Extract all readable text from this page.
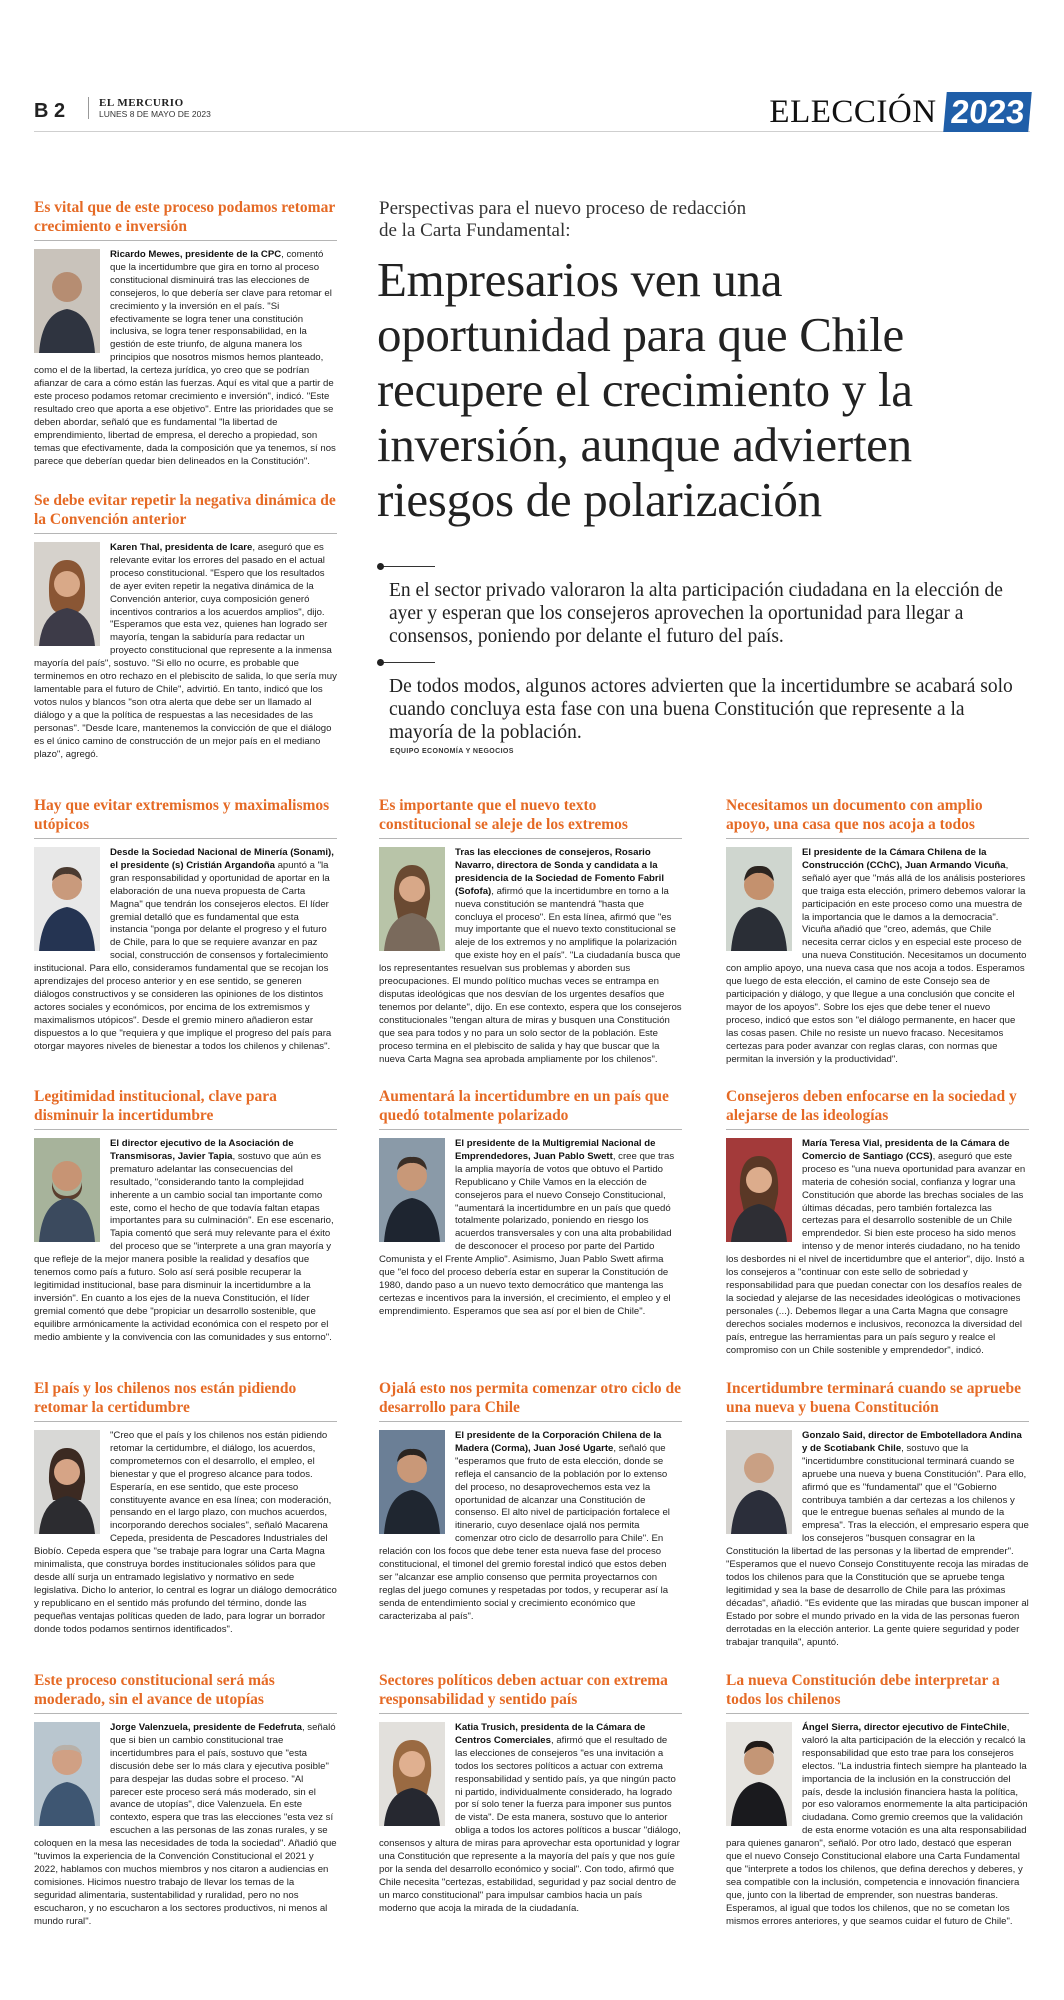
B 2	EL MERCURIO
LUNES 8 DE MAYO DE 2023	ELECCIÓN 2023
Perspectivas para el nuevo proceso de redacción de la Carta Fundamental:
Empresarios ven una oportunidad para que Chile recupere el crecimiento y la inversión, aunque advierten riesgos de polarización

En el sector privado valoraron la alta participación ciudadana en la elección de ayer y esperan que los consejeros aprovechen la oportunidad para llegar a consensos, poniendo por delante el futuro del país.

De todos modos, algunos actores advierten que la incertidumbre se acabará solo cuando concluya esta fase con una buena Constitución que represente a la mayoría de la población.

EQUIPO ECONOMÍA Y NEGOCIOS
Es vital que de este proceso podamos retomar crecimiento e inversión
Ricardo Mewes, presidente de la CPC, comentó que la incertidumbre que gira en torno al proceso constitucional disminuirá tras las elecciones de consejeros, lo que debería ser clave para retomar el crecimiento y la inversión en el país. "Si efectivamente se logra tener una constitución inclusiva, se logra tener responsabilidad, en la gestión de este triunfo, de alguna manera los principios que nosotros mismos hemos planteado, como el de la libertad, la certeza jurídica, yo creo que se podrían afianzar de cara a cómo están las fuerzas. Aquí es vital que a partir de este proceso podamos retomar crecimiento e inversión", indicó. "Este resultado creo que aporta a ese objetivo". Entre las prioridades que se deben abordar, señaló que es fundamental "la libertad de emprendimiento, libertad de empresa, el derecho a propiedad, son temas que efectivamente, dada la composición que ya tenemos, sí nos parece que deberían quedar bien delineados en la Constitución".
Se debe evitar repetir la negativa dinámica de la Convención anterior
Karen Thal, presidenta de Icare, aseguró que es relevante evitar los errores del pasado en el actual proceso constitucional. "Espero que los resultados de ayer eviten repetir la negativa dinámica de la Convención anterior, cuya composición generó incentivos contrarios a los acuerdos amplios", dijo. "Esperamos que esta vez, quienes han logrado ser mayoría, tengan la sabiduría para redactar un proyecto constitucional que represente a la inmensa mayoría del país", sostuvo. "Si ello no ocurre, es probable que terminemos en otro rechazo en el plebiscito de salida, lo que sería muy lamentable para el futuro de Chile", advirtió. En tanto, indicó que los votos nulos y blancos "son otra alerta que debe ser un llamado al diálogo y a que la política de respuestas a las necesidades de las personas". "Desde Icare, mantenemos la convicción de que el diálogo es el único camino de construcción de un mejor país en el mediano plazo", agregó.
Hay que evitar extremismos y maximalismos utópicos
Desde la Sociedad Nacional de Minería (Sonami), el presidente (s) Cristián Argandoña apuntó a "la gran responsabilidad y oportunidad de aportar en la elaboración de una nueva propuesta de Carta Magna" que tendrán los consejeros electos. El líder gremial detalló que es fundamental que esta instancia "ponga por delante el progreso y el futuro de Chile, para lo que se requiere avanzar en paz social, construcción de consensos y fortalecimiento institucional. Para ello, consideramos fundamental que se recojan los aprendizajes del proceso anterior y en ese sentido, se generen diálogos constructivos y se consideren las opiniones de los distintos actores sociales y económicos, por encima de los extremismos y maximalismos utópicos". Desde el gremio minero añadieron estar dispuestos a lo que "requiera y que implique el progreso del país para otorgar mayores niveles de bienestar a todos los chilenos y chilenas".
Es importante que el nuevo texto constitucional se aleje de los extremos
Tras las elecciones de consejeros, Rosario Navarro, directora de Sonda y candidata a la presidencia de la Sociedad de Fomento Fabril (Sofofa), afirmó que la incertidumbre en torno a la nueva constitución se mantendrá "hasta que concluya el proceso". En esta línea, afirmó que "es muy importante que el nuevo texto constitucional se aleje de los extremos y no amplifique la polarización que existe hoy en el país". "La ciudadanía busca que los representantes resuelvan sus problemas y aborden sus preocupaciones. El mundo político muchas veces se entrampa en disputas ideológicas que nos desvían de los urgentes desafíos que tenemos por delante", dijo. En ese contexto, espera que los consejeros constitucionales "tengan altura de miras y busquen una Constitución que sea para todos y no para un solo sector de la población. Este proceso termina en el plebiscito de salida y hay que buscar que la nueva Carta Magna sea aprobada ampliamente por los chilenos".
Necesitamos un documento con amplio apoyo, una casa que nos acoja a todos
El presidente de la Cámara Chilena de la Construcción (CChC), Juan Armando Vicuña, señaló ayer que "más allá de los análisis posteriores que traiga esta elección, primero debemos valorar la participación en este proceso como una muestra de la importancia que le damos a la democracia". Vicuña añadió que "creo, además, que Chile necesita cerrar ciclos y en especial este proceso de una nueva Constitución. Necesitamos un documento con amplio apoyo, una nueva casa que nos acoja a todos. Esperamos que luego de esta elección, el camino de este Consejo sea de participación y diálogo, y que llegue a una conclusión que concite el mayor de los apoyos". Sobre los ejes que debe tener el nuevo proceso, indicó que estos son "el diálogo permanente, en hacer que las cosas pasen. Chile no resiste un nuevo fracaso. Necesitamos certezas para poder avanzar con reglas claras, con normas que permitan la inversión y la productividad".
Legitimidad institucional, clave para disminuir la incertidumbre
El director ejecutivo de la Asociación de Transmisoras, Javier Tapia, sostuvo que aún es prematuro adelantar las consecuencias del resultado, "considerando tanto la complejidad inherente a un cambio social tan importante como este, como el hecho de que todavía faltan etapas importantes para su culminación". En ese escenario, Tapia comentó que será muy relevante para el éxito del proceso que se "interprete a una gran mayoría y que refleje de la mejor manera posible la realidad y desafíos que tenemos como país a futuro. Solo así será posible recuperar la legitimidad institucional, base para disminuir la incertidumbre a la inversión". En cuanto a los ejes de la nueva Constitución, el líder gremial comentó que debe "propiciar un desarrollo sostenible, que equilibre armónicamente la actividad económica con el respeto por el medio ambiente y la convivencia con las comunidades y sus entorno".
Aumentará la incertidumbre en un país que quedó totalmente polarizado
El presidente de la Multigremial Nacional de Emprendedores, Juan Pablo Swett, cree que tras la amplia mayoría de votos que obtuvo el Partido Republicano y Chile Vamos en la elección de consejeros para el nuevo Consejo Constitucional, "aumentará la incertidumbre en un país que quedó totalmente polarizado, poniendo en riesgo los acuerdos transversales y con una alta probabilidad de desconocer el proceso por parte del Partido Comunista y el Frente Amplio". Asimismo, Juan Pablo Swett afirma que "el foco del proceso debería estar en superar la Constitución de 1980, dando paso a un nuevo texto democrático que mantenga las certezas e incentivos para la inversión, el crecimiento, el empleo y el emprendimiento. Esperamos que sea así por el bien de Chile".
Consejeros deben enfocarse en la sociedad y alejarse de las ideologías
María Teresa Vial, presidenta de la Cámara de Comercio de Santiago (CCS), aseguró que este proceso es "una nueva oportunidad para avanzar en materia de cohesión social, confianza y lograr una Constitución que aborde las brechas sociales de las últimas décadas, pero también fortalezca las certezas para el desarrollo sostenible de un Chile emprendedor. Si bien este proceso ha sido menos intenso y de menor interés ciudadano, no ha tenido los desbordes ni el nivel de incertidumbre que el anterior", dijo. Instó a los consejeros a "continuar con este sello de sobriedad y responsabilidad para que puedan conectar con los desafíos reales de la sociedad y alejarse de las necesidades ideológicas o motivaciones personales (...). Debemos llegar a una Carta Magna que consagre derechos sociales modernos e inclusivos, reconozca la diversidad del país, entregue las herramientas para un país seguro y realce el compromiso con un Chile sostenible y emprendedor", indicó.
El país y los chilenos nos están pidiendo retomar la certidumbre
"Creo que el país y los chilenos nos están pidiendo retomar la certidumbre, el diálogo, los acuerdos, comprometernos con el desarrollo, el empleo, el bienestar y que el progreso alcance para todos. Esperaría, en ese sentido, que este proceso constituyente avance en esa línea; con moderación, pensando en el largo plazo, con muchos acuerdos, incorporando derechos sociales", señaló Macarena Cepeda, presidenta de Pescadores Industriales del Biobío. Cepeda espera que "se trabaje para lograr una Carta Magna minimalista, que construya bordes institucionales sólidos para que desde allí surja un entramado legislativo y normativo en sede legislativa. Dicho lo anterior, lo central es lograr un diálogo democrático y republicano en el sentido más profundo del término, donde las pequeñas ventajas políticas queden de lado, para lograr un borrador donde todos podamos sentirnos identificados".
Ojalá esto nos permita comenzar otro ciclo de desarrollo para Chile
El presidente de la Corporación Chilena de la Madera (Corma), Juan José Ugarte, señaló que "esperamos que fruto de esta elección, donde se refleja el cansancio de la población por lo extenso del proceso, no desaprovechemos esta vez la oportunidad de alcanzar una Constitución de consenso. El alto nivel de participación fortalece el itinerario, cuyo desenlace ojalá nos permita comenzar otro ciclo de desarrollo para Chile". En relación con los focos que debe tener esta nueva fase del proceso constitucional, el timonel del gremio forestal indicó que estos deben ser "alcanzar ese amplio consenso que permita proyectarnos con reglas del juego comunes y respetadas por todos, y recuperar así la senda de entendimiento social y crecimiento económico que caracterizaba al país".
Incertidumbre terminará cuando se apruebe una nueva y buena Constitución
Gonzalo Said, director de Embotelladora Andina y de Scotiabank Chile, sostuvo que la "incertidumbre constitucional terminará cuando se apruebe una nueva y buena Constitución". Para ello, afirmó que es "fundamental" que el "Gobierno contribuya también a dar certezas a los chilenos y que le entregue buenas señales al mundo de la empresa". Tras la elección, el empresario espera que los consejeros "busquen consagrar en la Constitución la libertad de las personas y la libertad de emprender". "Esperamos que el nuevo Consejo Constituyente recoja las miradas de todos los chilenos para que la Constitución que se apruebe tenga legitimidad y sea la base de desarrollo de Chile para las próximas décadas", añadió. "Es evidente que las miradas que buscan imponer al Estado por sobre el mundo privado en la vida de las personas fueron derrotadas en la elección anterior. La gente quiere seguridad y poder trabajar tranquila", apuntó.
Este proceso constitucional será más moderado, sin el avance de utopías
Jorge Valenzuela, presidente de Fedefruta, señaló que si bien un cambio constitucional trae incertidumbres para el país, sostuvo que "esta discusión debe ser lo más clara y ejecutiva posible" para despejar las dudas sobre el proceso. "Al parecer este proceso será más moderado, sin el avance de utopías", dice Valenzuela. En este contexto, espera que tras las elecciones "esta vez sí escuchen a las personas de las zonas rurales, y se coloquen en la mesa las necesidades de toda la sociedad". Añadió que "tuvimos la experiencia de la Convención Constitucional el 2021 y 2022, hablamos con muchos miembros y nos citaron a audiencias en comisiones. Hicimos nuestro trabajo de llevar los temas de la seguridad alimentaria, sustentabilidad y ruralidad, pero no nos escucharon, y no escucharon a los sectores productivos, ni menos al mundo rural".
Sectores políticos deben actuar con extrema responsabilidad y sentido país
Katia Trusich, presidenta de la Cámara de Centros Comerciales, afirmó que el resultado de las elecciones de consejeros "es una invitación a todos los sectores políticos a actuar con extrema responsabilidad y sentido país, ya que ningún pacto ni partido, individualmente considerado, ha logrado por sí solo tener la fuerza para imponer sus puntos de vista". De esta manera, sostuvo que lo anterior obliga a todos los actores políticos a buscar "diálogo, consensos y altura de miras para aprovechar esta oportunidad y lograr una Constitución que represente a la mayoría del país y que nos guíe por la senda del desarrollo económico y social". Con todo, afirmó que Chile necesita "certezas, estabilidad, seguridad y paz social dentro de un marco constitucional" para impulsar cambios hacia un país moderno que acoja la mirada de la ciudadanía.
La nueva Constitución debe interpretar a todos los chilenos
Ángel Sierra, director ejecutivo de FinteChile, valoró la alta participación de la elección y recalcó la responsabilidad que esto trae para los consejeros electos. "La industria fintech siempre ha planteado la importancia de la inclusión en la construcción del país, desde la inclusión financiera hasta la política, por eso valoramos enormemente la alta participación ciudadana. Como gremio creemos que la validación de esta enorme votación es una alta responsabilidad para quienes ganaron", señaló. Por otro lado, destacó que esperan que el nuevo Consejo Constitucional elabore una Carta Fundamental que "interprete a todos los chilenos, que defina derechos y deberes, y sea compatible con la inclusión, competencia e innovación financiera que, junto con la libertad de emprender, son nuestras banderas. Esperamos, al igual que todos los chilenos, que no se cometan los mismos errores anteriores, y que seamos cuidar el futuro de Chile".
